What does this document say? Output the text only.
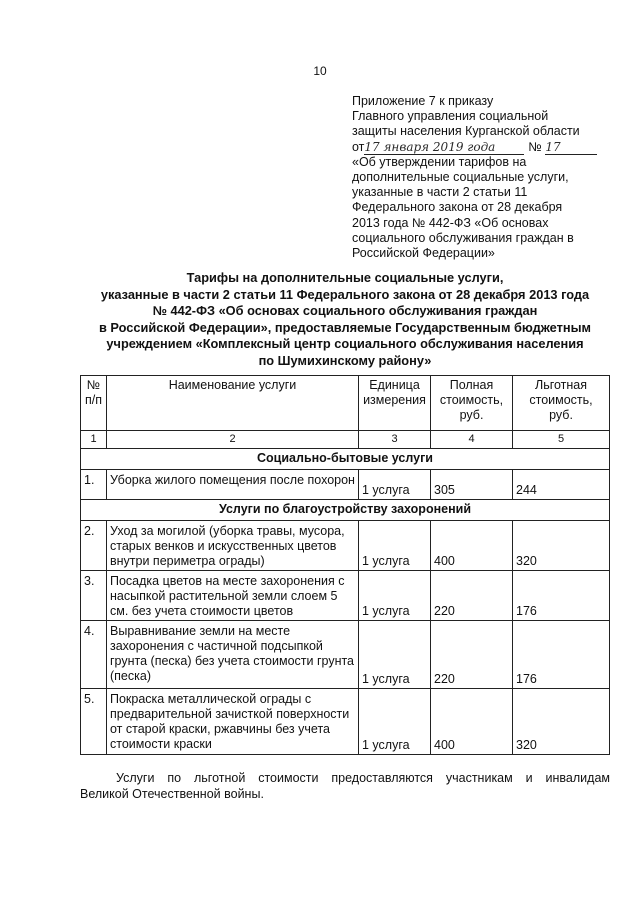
10
Приложение 7 к приказу
Главного управления социальной
защиты населения Курганской области
от17 января 2019 года	№ 17
«Об утверждении тарифов на
дополнительные социальные услуги,
указанные в части 2 статьи 11
Федерального закона от 28 декабря
2013 года № 442-ФЗ «Об основах
социального обслуживания граждан в
Российской Федерации»
Тарифы на дополнительные социальные услуги,
указанные в части 2 статьи 11 Федерального закона от 28 декабря 2013 года
№ 442-ФЗ «Об основах социального обслуживания граждан
в Российской Федерации», предоставляемые Государственным бюджетным
учреждением «Комплексный центр социального обслуживания населения
по Шумихинскому району»
№ п/п	Наименование услуги	Единица измерения	Полная стоимость, руб.	Льготная стоимость, руб.
1	2	3	4	5
Социально-бытовые услуги				
1.	Уборка жилого помещения после похорон	1 услуга	305	244
Услуги по благоустройству захоронений				
2.	Уход за могилой (уборка травы, мусора, старых венков и искусственных цветов внутри периметра ограды)	1 услуга	400	320
3.	Посадка цветов на месте захоронения с насыпкой растительной земли слоем 5 см. без учета стоимости цветов	1 услуга	220	176
4.	Выравнивание земли на месте захоронения с частичной подсыпкой грунта (песка) без учета стоимости грунта (песка)	1 услуга	220	176
5.	Покраска металлической ограды с предварительной зачисткой поверхности от старой краски, ржавчины без учета стоимости краски	1 услуга	400	320

Услуги по льготной стоимости предоставляются участникам и инвалидам

Великой Отечественной войны.
